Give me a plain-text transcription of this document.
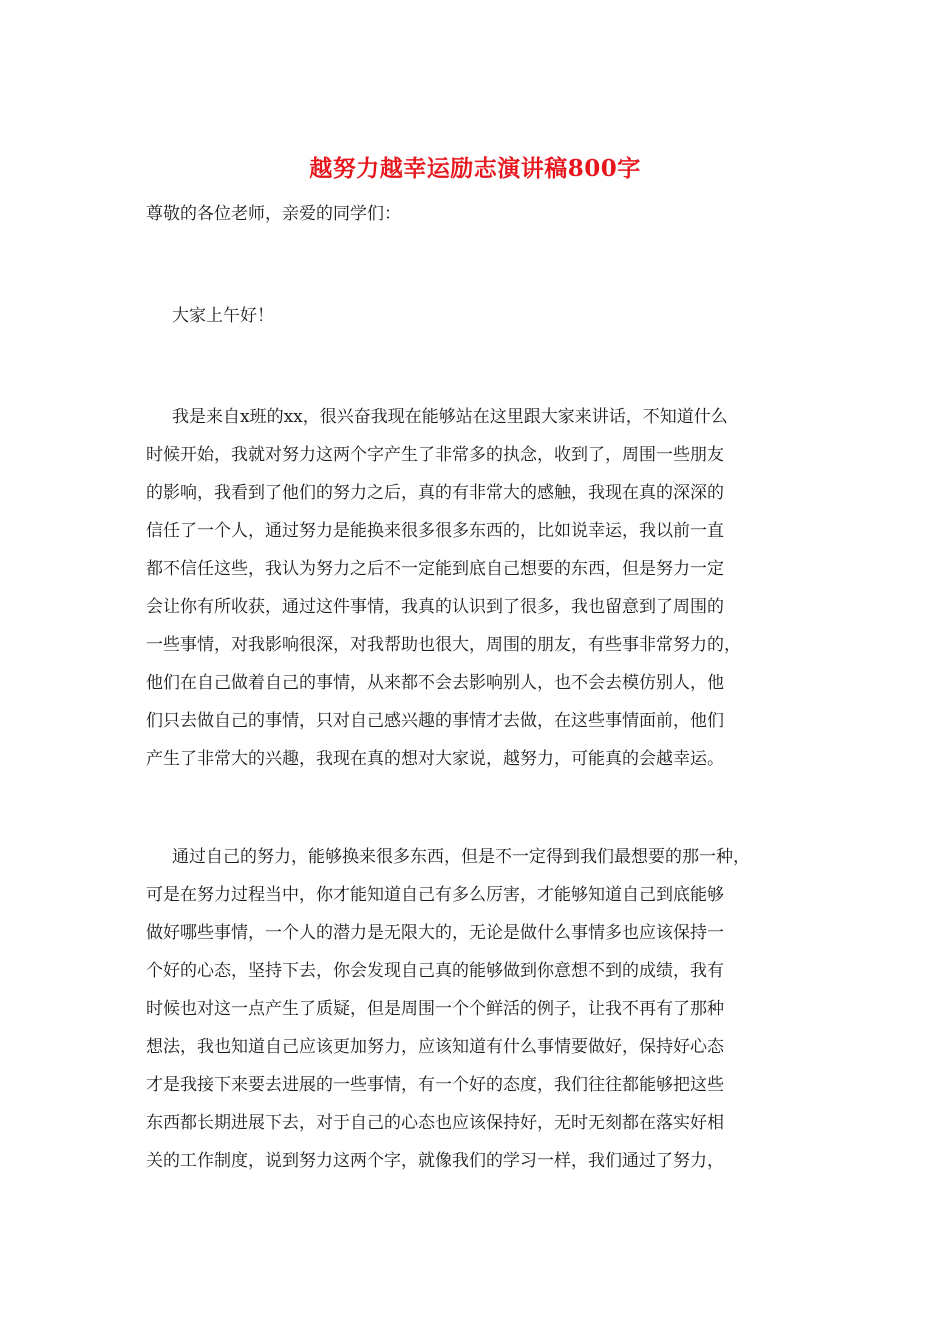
越努力越幸运励志演讲稿800字
尊敬的各位老师，亲爱的同学们：
大家上午好！
我是来自x班的xx，很兴奋我现在能够站在这里跟大家来讲话，不知道什么
时候开始，我就对努力这两个字产生了非常多的执念，收到了，周围一些朋友
的影响，我看到了他们的努力之后，真的有非常大的感触，我现在真的深深的
信任了一个人，通过努力是能换来很多很多东西的，比如说幸运，我以前一直
都不信任这些，我认为努力之后不一定能到底自己想要的东西，但是努力一定
会让你有所收获，通过这件事情，我真的认识到了很多，我也留意到了周围的
一些事情，对我影响很深，对我帮助也很大，周围的朋友，有些事非常努力的，
他们在自己做着自己的事情，从来都不会去影响别人，也不会去模仿别人，他
们只去做自己的事情，只对自己感兴趣的事情才去做，在这些事情面前，他们
产生了非常大的兴趣，我现在真的想对大家说，越努力，可能真的会越幸运。
通过自己的努力，能够换来很多东西，但是不一定得到我们最想要的那一种，
可是在努力过程当中，你才能知道自己有多么厉害，才能够知道自己到底能够
做好哪些事情，一个人的潜力是无限大的，无论是做什么事情多也应该保持一
个好的心态，坚持下去，你会发现自己真的能够做到你意想不到的成绩，我有
时候也对这一点产生了质疑，但是周围一个个鲜活的例子，让我不再有了那种
想法，我也知道自己应该更加努力，应该知道有什么事情要做好，保持好心态
才是我接下来要去进展的一些事情，有一个好的态度，我们往往都能够把这些
东西都长期进展下去，对于自己的心态也应该保持好，无时无刻都在落实好相
关的工作制度，说到努力这两个字，就像我们的学习一样，我们通过了努力，
